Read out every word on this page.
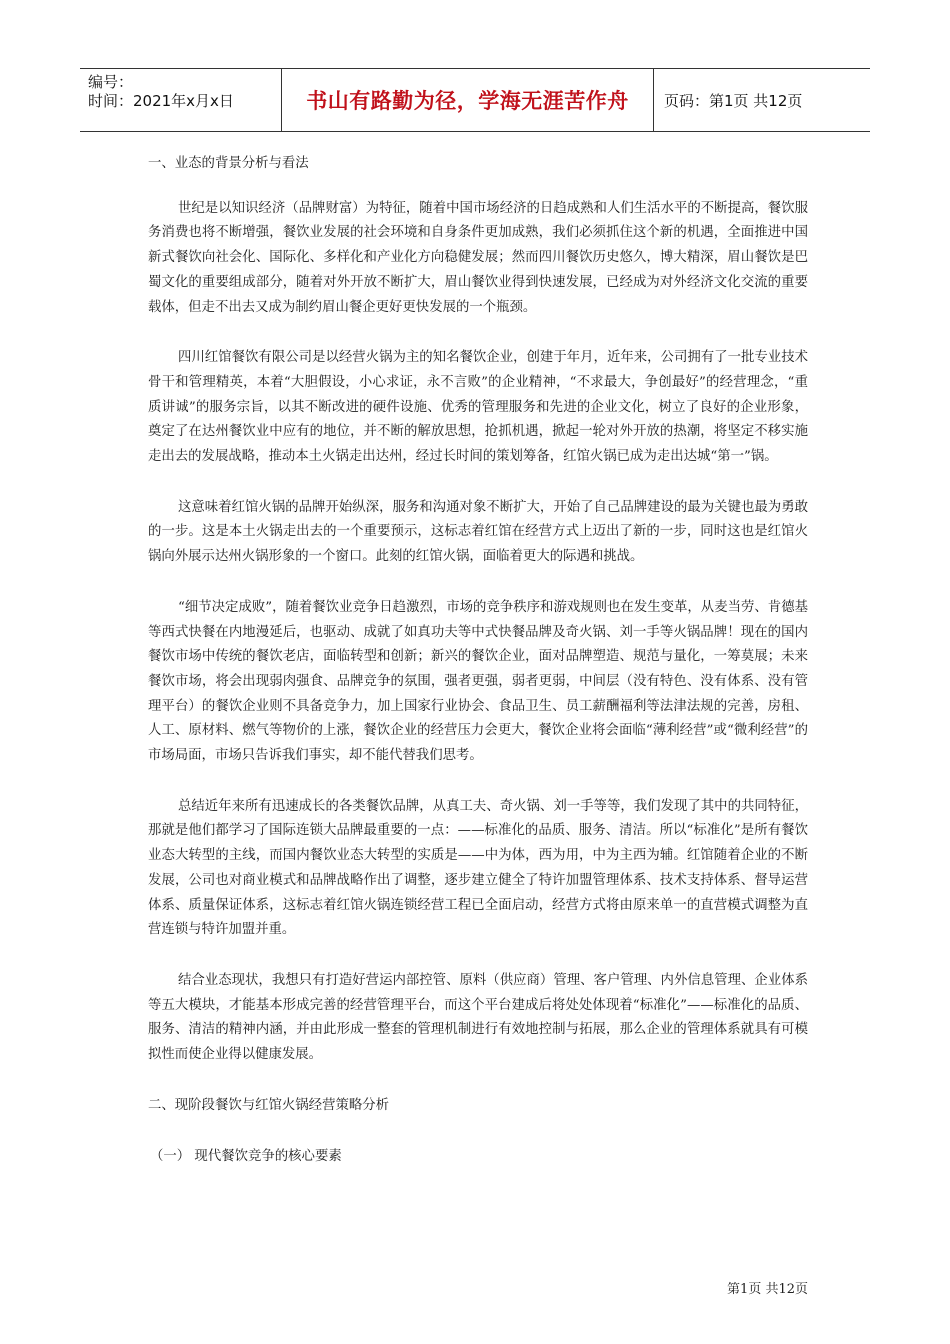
编号：
时间：2021年x月x日	书山有路勤为径，学海无涯苦作舟	页码：第1页 共12页

一、业态的背景分析与看法

世纪是以知识经济（品牌财富）为特征，随着中国市场经济的日趋成熟和人们生活水平的不断提高，餐饮服务消费也将不断增强，餐饮业发展的社会环境和自身条件更加成熟，我们必须抓住这个新的机遇，全面推进中国新式餐饮向社会化、国际化、多样化和产业化方向稳健发展；然而四川餐饮历史悠久，博大精深，眉山餐饮是巴蜀文化的重要组成部分，随着对外开放不断扩大，眉山餐饮业得到快速发展，已经成为对外经济文化交流的重要载体，但走不出去又成为制约眉山餐企更好更快发展的一个瓶颈。

四川红馆餐饮有限公司是以经营火锅为主的知名餐饮企业，创建于年月，近年来，公司拥有了一批专业技术骨干和管理精英，本着“大胆假设，小心求证，永不言败”的企业精神，“不求最大，争创最好”的经营理念，“重质讲诚”的服务宗旨，以其不断改进的硬件设施、优秀的管理服务和先进的企业文化，树立了良好的企业形象，奠定了在达州餐饮业中应有的地位，并不断的解放思想，抢抓机遇，掀起一轮对外开放的热潮，将坚定不移实施走出去的发展战略，推动本土火锅走出达州，经过长时间的策划筹备，红馆火锅已成为走出达城“第一”锅。

这意味着红馆火锅的品牌开始纵深，服务和沟通对象不断扩大，开始了自己品牌建设的最为关键也最为勇敢的一步。这是本土火锅走出去的一个重要预示，这标志着红馆在经营方式上迈出了新的一步，同时这也是红馆火锅向外展示达州火锅形象的一个窗口。此刻的红馆火锅，面临着更大的际遇和挑战。

“细节决定成败”，随着餐饮业竞争日趋激烈，市场的竞争秩序和游戏规则也在发生变革，从麦当劳、肯德基等西式快餐在内地漫延后，也驱动、成就了如真功夫等中式快餐品牌及奇火锅、刘一手等火锅品牌！现在的国内餐饮市场中传统的餐饮老店，面临转型和创新；新兴的餐饮企业，面对品牌塑造、规范与量化，一筹莫展；未来餐饮市场，将会出现弱肉强食、品牌竞争的氛围，强者更强，弱者更弱，中间层（没有特色、没有体系、没有管理平台）的餐饮企业则不具备竞争力，加上国家行业协会、食品卫生、员工薪酬福利等法津法规的完善，房租、人工、原材料、燃气等物价的上涨，餐饮企业的经营压力会更大，餐饮企业将会面临“薄利经营”或“微利经营”的市场局面，市场只告诉我们事实，却不能代替我们思考。

总结近年来所有迅速成长的各类餐饮品牌，从真工夫、奇火锅、刘一手等等，我们发现了其中的共同特征，那就是他们都学习了国际连锁大品牌最重要的一点：——标准化的品质、服务、清洁。所以“标准化”是所有餐饮业态大转型的主线，而国内餐饮业态大转型的实质是——中为体，西为用，中为主西为辅。红馆随着企业的不断发展，公司也对商业模式和品牌战略作出了调整，逐步建立健全了特许加盟管理体系、技术支持体系、督导运营体系、质量保证体系，这标志着红馆火锅连锁经营工程已全面启动，经营方式将由原来单一的直营模式调整为直营连锁与特许加盟并重。

结合业态现状，我想只有打造好营运内部控管、原料（供应商）管理、客户管理、内外信息管理、企业体系等五大模块，才能基本形成完善的经营管理平台，而这个平台建成后将处处体现着“标准化”——标准化的品质、服务、清洁的精神内涵，并由此形成一整套的管理机制进行有效地控制与拓展，那么企业的管理体系就具有可模拟性而使企业得以健康发展。

二、现阶段餐饮与红馆火锅经营策略分析

（一） 现代餐饮竞争的核心要素

第1页 共12页
